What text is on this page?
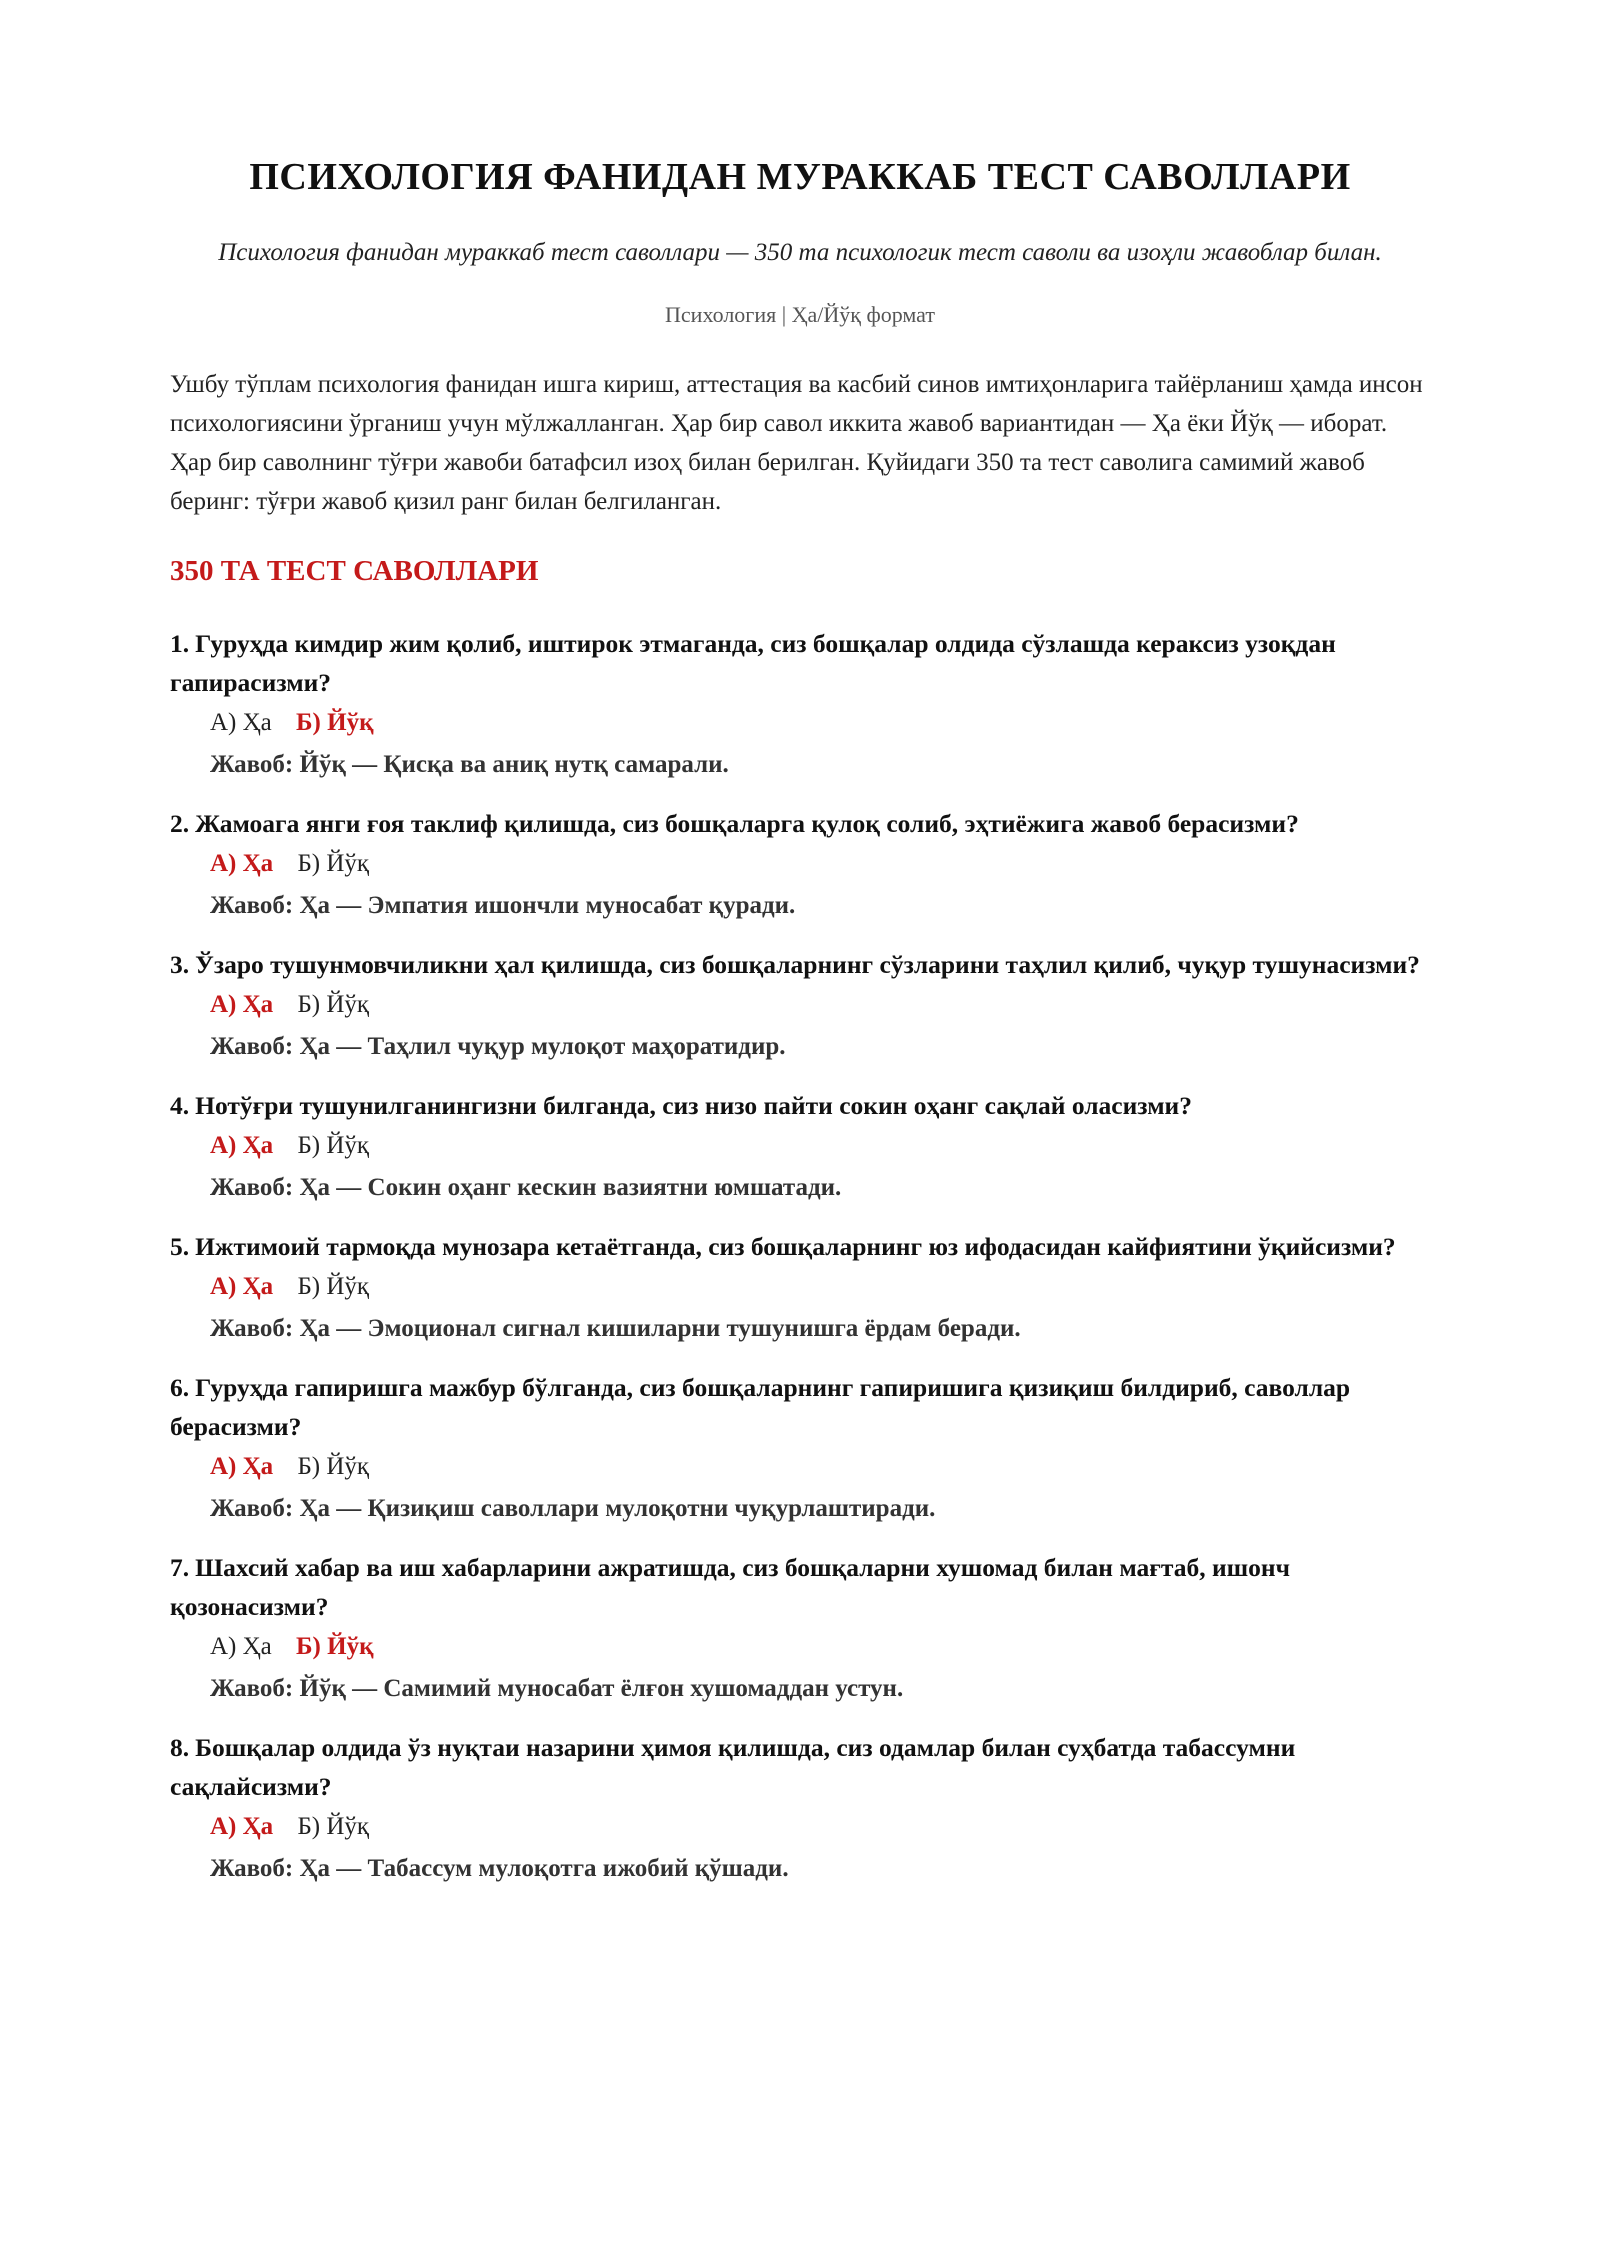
ПСИХОЛОГИЯ ФАНИДАН МУРАККАБ ТЕСТ САВОЛЛАРИ
Психология фанидан мураккаб тест саволлари — 350 та психологик тест саволи ва изоҳли жавоблар билан.
Психология | Ҳа/Йўқ формат

Ушбу тўплам психология фанидан ишга кириш, аттестация ва касбий синов имтиҳонларига тайёрланиш ҳамда инсон психологиясини ўрганиш учун мўлжалланган. Ҳар бир савол иккита жавоб вариантидан — Ҳа ёки Йўқ — иборат. Ҳар бир саволнинг тўғри жавоби батафсил изоҳ билан берилган. Қуйидаги 350 та тест саволига самимий жавоб беринг: тўғри жавоб қизил ранг билан белгиланган.

350 ТА ТЕСТ САВОЛЛАРИ
1. Гуруҳда кимдир жим қолиб, иштирок этмаганда, сиз бошқалар олдида сўзлашда кераксиз узоқдан гапирасизми?
А) Ҳа Б) Йўқ
Жавоб: Йўқ — Қисқа ва аниқ нутқ самарали.
2. Жамоага янги ғоя таклиф қилишда, сиз бошқаларга қулоқ солиб, эҳтиёжига жавоб берасизми?
А) Ҳа Б) Йўқ
Жавоб: Ҳа — Эмпатия ишончли муносабат қуради.
3. Ўзаро тушунмовчиликни ҳал қилишда, сиз бошқаларнинг сўзларини таҳлил қилиб, чуқур тушунасизми?
А) Ҳа Б) Йўқ
Жавоб: Ҳа — Таҳлил чуқур мулоқот маҳоратидир.
4. Нотўғри тушунилганингизни билганда, сиз низо пайти сокин оҳанг сақлай оласизми?
А) Ҳа Б) Йўқ
Жавоб: Ҳа — Сокин оҳанг кескин вазиятни юмшатади.
5. Ижтимоий тармоқда мунозара кетаётганда, сиз бошқаларнинг юз ифодасидан кайфиятини ўқийсизми?
А) Ҳа Б) Йўқ
Жавоб: Ҳа — Эмоционал сигнал кишиларни тушунишга ёрдам беради.
6. Гуруҳда гапиришга мажбур бўлганда, сиз бошқаларнинг гапиришига қизиқиш билдириб, саволлар берасизми?
А) Ҳа Б) Йўқ
Жавоб: Ҳа — Қизиқиш саволлари мулоқотни чуқурлаштиради.
7. Шахсий хабар ва иш хабарларини ажратишда, сиз бошқаларни хушомад билан мағтаб, ишонч қозонасизми?
А) Ҳа Б) Йўқ
Жавоб: Йўқ — Самимий муносабат ёлғон хушомаддан устун.
8. Бошқалар олдида ўз нуқтаи назарини ҳимоя қилишда, сиз одамлар билан суҳбатда табассумни сақлайсизми?
А) Ҳа Б) Йўқ
Жавоб: Ҳа — Табассум мулоқотга ижобий қўшади.
